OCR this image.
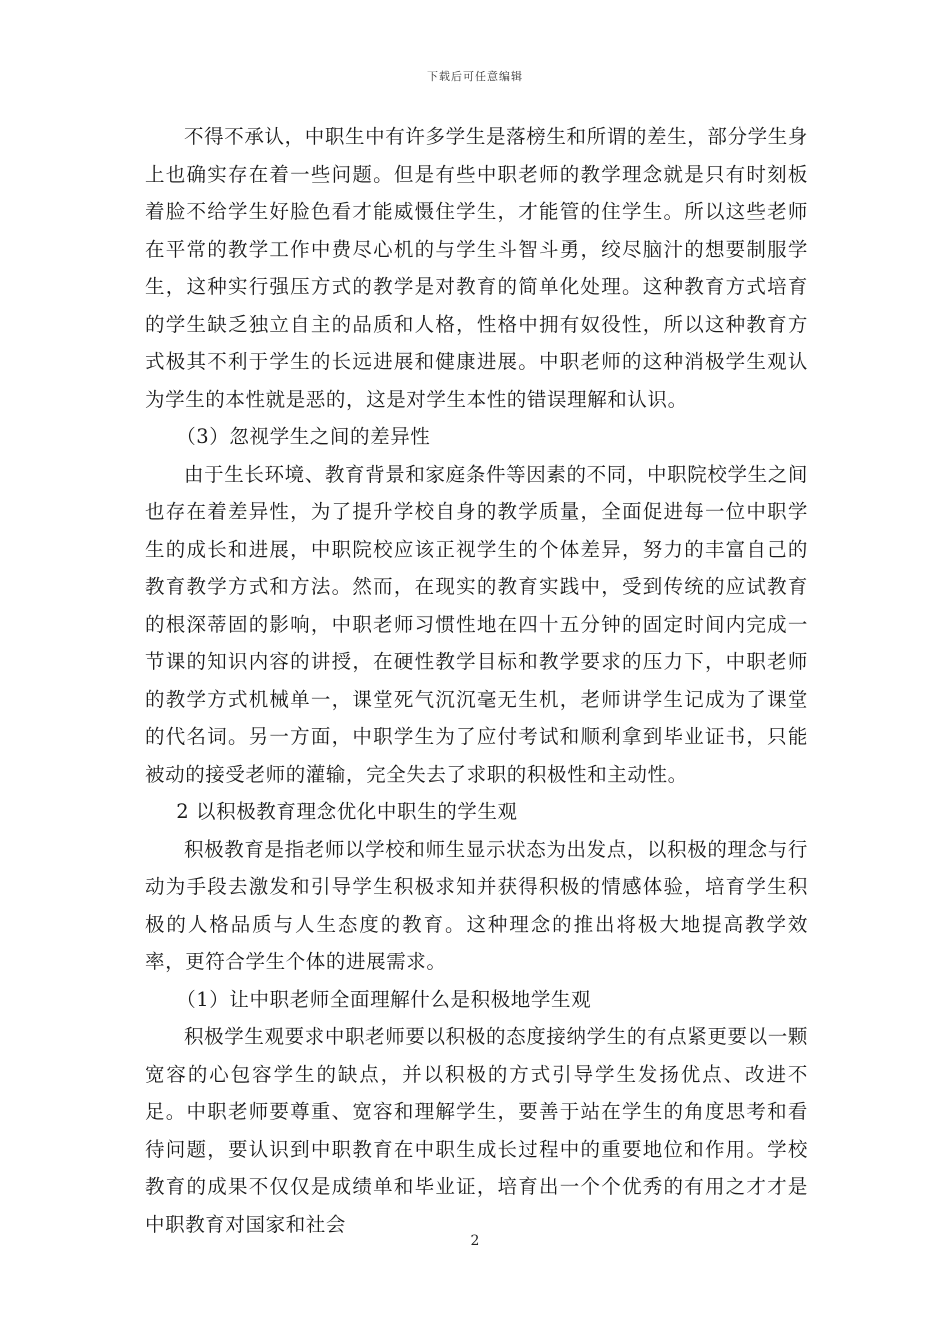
下载后可任意编辑

不得不承认，中职生中有许多学生是落榜生和所谓的差生，部分学生身上也确实存在着一些问题。但是有些中职老师的教学理念就是只有时刻板着脸不给学生好脸色看才能威慑住学生，才能管的住学生。所以这些老师在平常的教学工作中费尽心机的与学生斗智斗勇，绞尽脑汁的想要制服学生，这种实行强压方式的教学是对教育的简单化处理。这种教育方式培育的学生缺乏独立自主的品质和人格，性格中拥有奴役性，所以这种教育方式极其不利于学生的长远进展和健康进展。中职老师的这种消极学生观认为学生的本性就是恶的，这是对学生本性的错误理解和认识。

（3）忽视学生之间的差异性

由于生长环境、教育背景和家庭条件等因素的不同，中职院校学生之间也存在着差异性，为了提升学校自身的教学质量，全面促进每一位中职学生的成长和进展，中职院校应该正视学生的个体差异，努力的丰富自己的教育教学方式和方法。然而，在现实的教育实践中，受到传统的应试教育的根深蒂固的影响，中职老师习惯性地在四十五分钟的固定时间内完成一节课的知识内容的讲授，在硬性教学目标和教学要求的压力下，中职老师的教学方式机械单一，课堂死气沉沉毫无生机，老师讲学生记成为了课堂的代名词。另一方面，中职学生为了应付考试和顺利拿到毕业证书，只能被动的接受老师的灌输，完全失去了求职的积极性和主动性。

2 以积极教育理念优化中职生的学生观

积极教育是指老师以学校和师生显示状态为出发点，以积极的理念与行动为手段去激发和引导学生积极求知并获得积极的情感体验，培育学生积极的人格品质与人生态度的教育。这种理念的推出将极大地提高教学效率，更符合学生个体的进展需求。

（1）让中职老师全面理解什么是积极地学生观

积极学生观要求中职老师要以积极的态度接纳学生的有点紧更要以一颗宽容的心包容学生的缺点，并以积极的方式引导学生发扬优点、改进不足。中职老师要尊重、宽容和理解学生，要善于站在学生的角度思考和看待问题，要认识到中职教育在中职生成长过程中的重要地位和作用。学校教育的成果不仅仅是成绩单和毕业证，培育出一个个优秀的有用之才才是中职教育对国家和社会

2
